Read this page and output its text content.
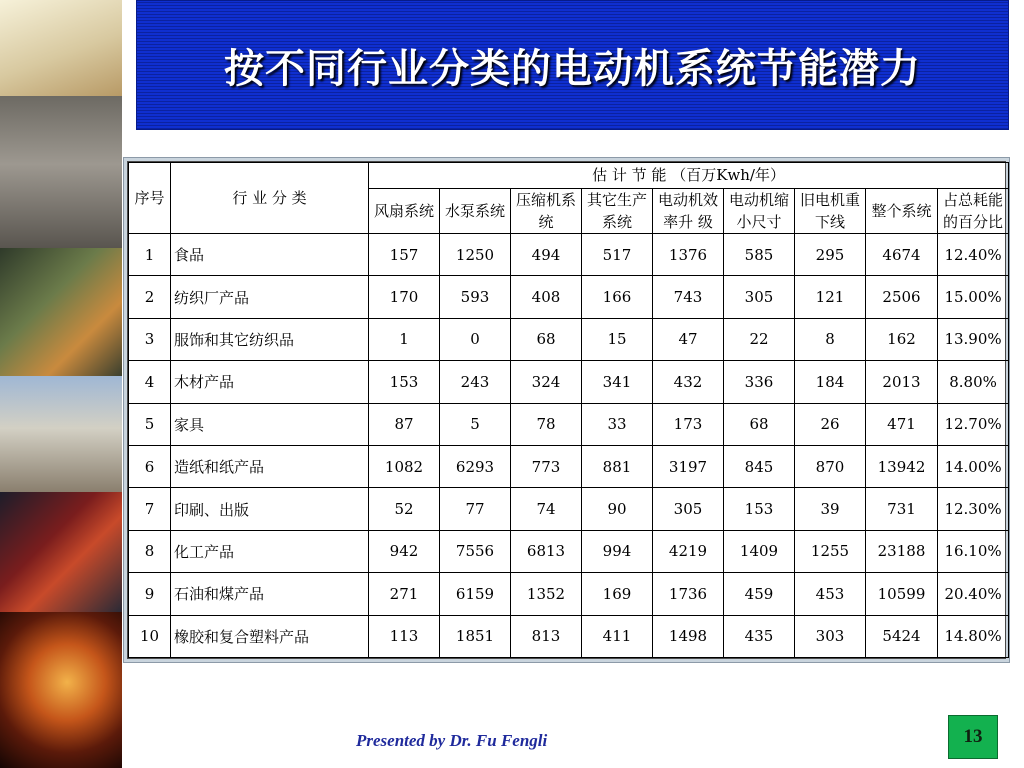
按不同行业分类的电动机系统节能潜力
序号	行 业 分 类	估 计 节 能 （百万Kwh/年）								
		风扇系统	水泵系统	压缩机系统	其它生产系统	电动机效率升 级	电动机缩小尺寸	旧电机重下线	整个系统	占总耗能的百分比
1	食品	157	1250	494	517	1376	585	295	4674	12.40%
2	纺织厂产品	170	593	408	166	743	305	121	2506	15.00%
3	服饰和其它纺织品	1	0	68	15	47	22	8	162	13.90%
4	木材产品	153	243	324	341	432	336	184	2013	8.80%
5	家具	87	5	78	33	173	68	26	471	12.70%
6	造纸和纸产品	1082	6293	773	881	3197	845	870	13942	14.00%
7	印刷、出版	52	77	74	90	305	153	39	731	12.30%
8	化工产品	942	7556	6813	994	4219	1409	1255	23188	16.10%
9	石油和煤产品	271	6159	1352	169	1736	459	453	10599	20.40%
10	橡胶和复合塑料产品	113	1851	813	411	1498	435	303	5424	14.80%
Presented by Dr. Fu Fengli	13
